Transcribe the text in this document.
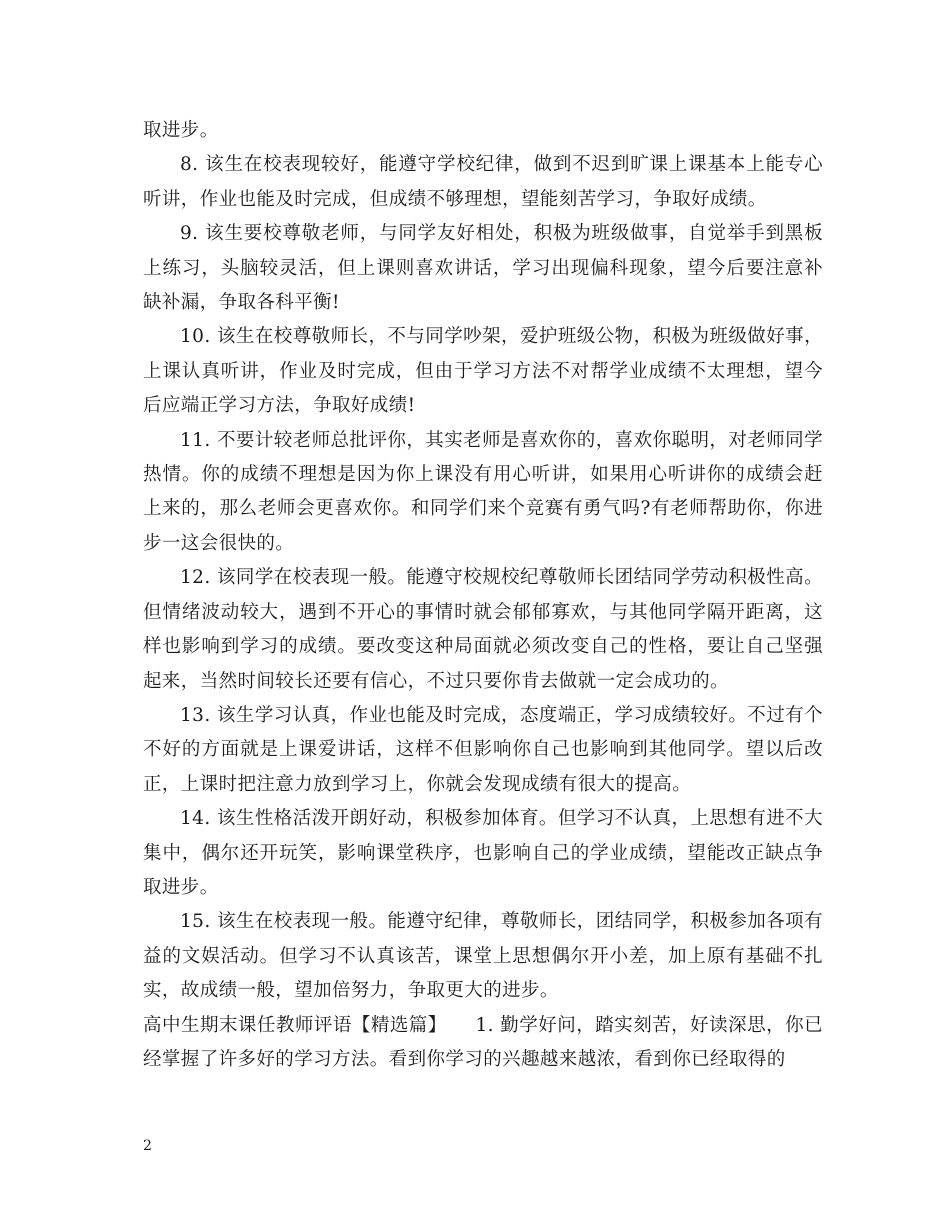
取进步。

8. 该生在校表现较好，能遵守学校纪律，做到不迟到旷课上课基本上能专心听讲，作业也能及时完成，但成绩不够理想，望能刻苦学习，争取好成绩。

9. 该生要校尊敬老师，与同学友好相处，积极为班级做事，自觉举手到黑板上练习，头脑较灵活，但上课则喜欢讲话，学习出现偏科现象，望今后要注意补缺补漏，争取各科平衡!

10. 该生在校尊敬师长，不与同学吵架，爱护班级公物，积极为班级做好事，上课认真听讲，作业及时完成，但由于学习方法不对帮学业成绩不太理想，望今后应端正学习方法，争取好成绩!

11. 不要计较老师总批评你，其实老师是喜欢你的，喜欢你聪明，对老师同学热情。你的成绩不理想是因为你上课没有用心听讲，如果用心听讲你的成绩会赶上来的，那么老师会更喜欢你。和同学们来个竞赛有勇气吗?有老师帮助你，你进步一这会很快的。

12. 该同学在校表现一般。能遵守校规校纪尊敬师长团结同学劳动积极性高。但情绪波动较大，遇到不开心的事情时就会郁郁寡欢，与其他同学隔开距离，这样也影响到学习的成绩。要改变这种局面就必须改变自己的性格，要让自己坚强起来，当然时间较长还要有信心，不过只要你肯去做就一定会成功的。

13. 该生学习认真，作业也能及时完成，态度端正，学习成绩较好。不过有个不好的方面就是上课爱讲话，这样不但影响你自己也影响到其他同学。望以后改正，上课时把注意力放到学习上，你就会发现成绩有很大的提高。

14. 该生性格活泼开朗好动，积极参加体育。但学习不认真，上思想有进不大集中，偶尔还开玩笑，影响课堂秩序，也影响自己的学业成绩，望能改正缺点争取进步。

15. 该生在校表现一般。能遵守纪律，尊敬师长，团结同学，积极参加各项有益的文娱活动。但学习不认真该苦，课堂上思想偶尔开小差，加上原有基础不扎实，故成绩一般，望加倍努力，争取更大的进步。

高中生期末课任教师评语【精选篇】　　1. 勤学好问，踏实刻苦，好读深思，你已经掌握了许多好的学习方法。看到你学习的兴趣越来越浓，看到你已经取得的

2
